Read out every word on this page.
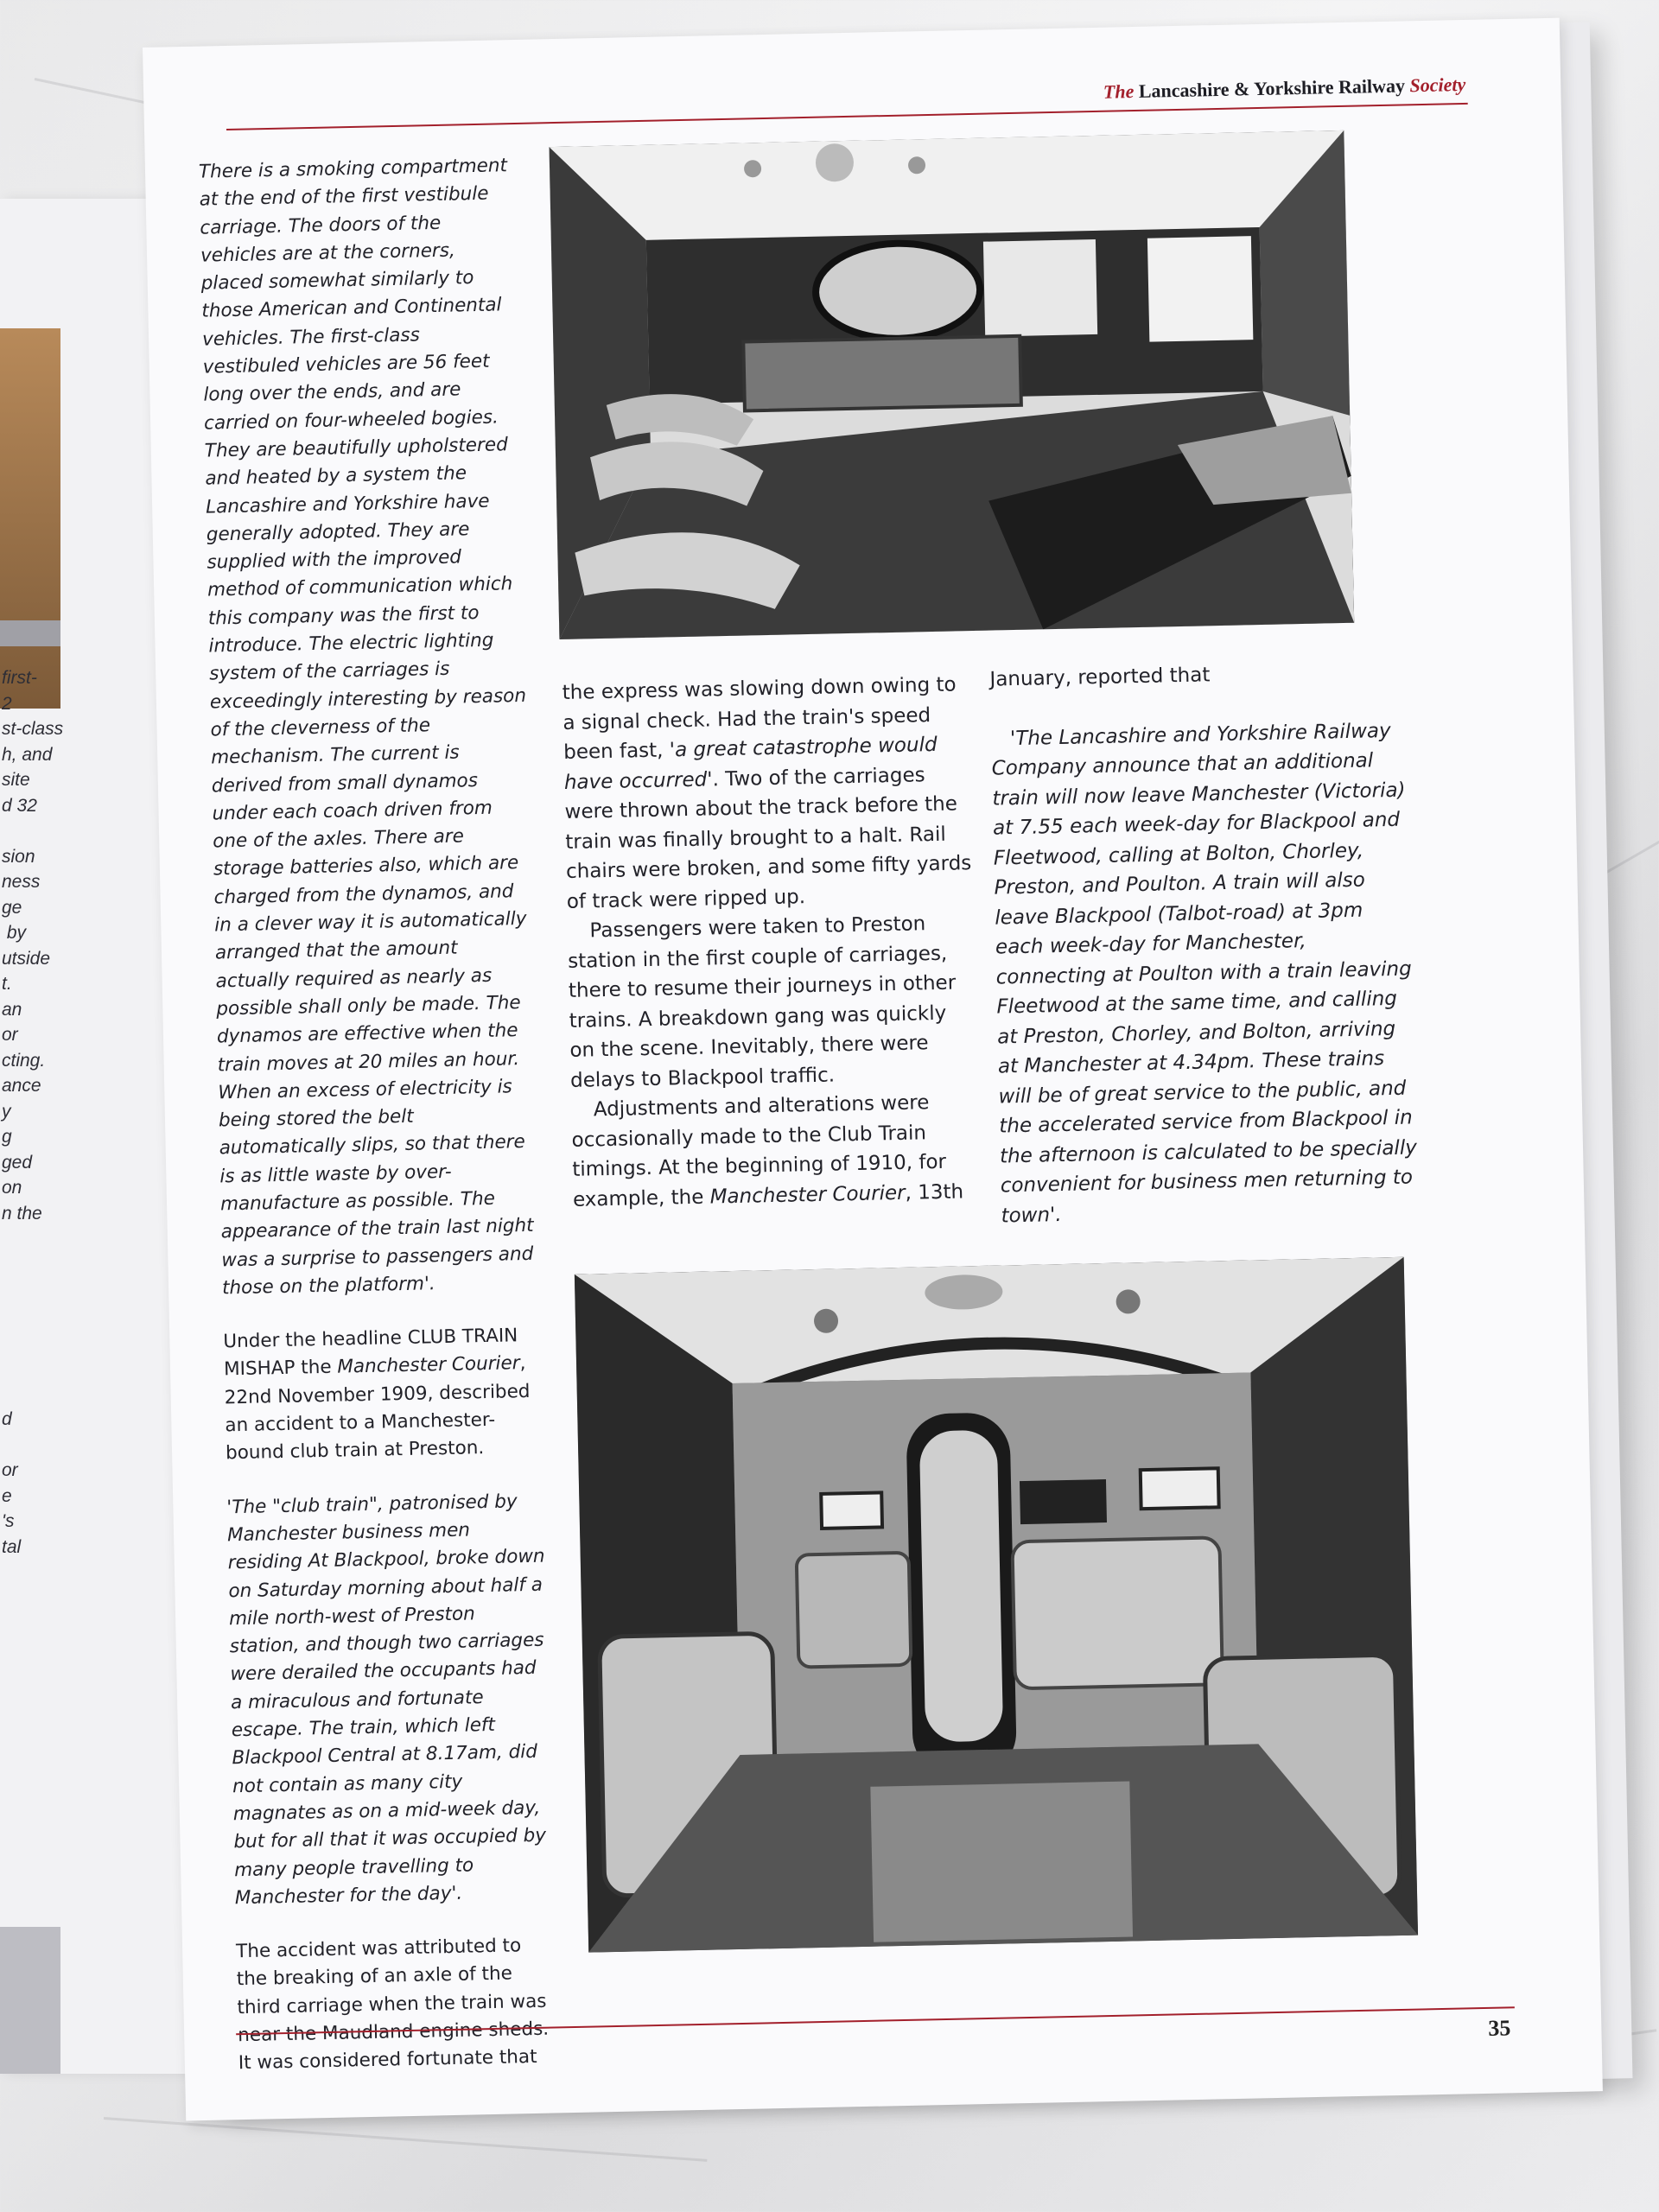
first-
2
st-class
h, and
site
d 32
sion
ness
ge
by
utside
t.
an
or
cting.
ance
y
g
ged
on
n the
d
or
e
's
tal
The Lancashire & Yorkshire Railway Society

There is a smoking compartment at the end of the first vestibule carriage. The doors of the vehicles are at the corners, placed somewhat similarly to those American and Continental vehicles. The first-class vestibuled vehicles are 56 feet long over the ends, and are carried on four-wheeled bogies. They are beautifully upholstered and heated by a system the Lancashire and Yorkshire have generally adopted. They are supplied with the improved method of communication which this company was the first to introduce. The electric lighting system of the carriages is exceedingly interesting by reason of the cleverness of the mechanism. The current is derived from small dynamos under each coach driven from one of the axles. There are storage batteries also, which are charged from the dynamos, and in a clever way it is automatically arranged that the amount actually required as nearly as possible shall only be made. The dynamos are effective when the train moves at 20 miles an hour. When an excess of electricity is being stored the belt automatically slips, so that there is as little waste by over-manufacture as possible. The appearance of the train last night was a surprise to passengers and those on the platform'.

Under the headline CLUB TRAIN MISHAP the Manchester Courier, 22nd November 1909, described an accident to a Manchester-bound club train at Preston.

'The "club train", patronised by Manchester business men residing At Blackpool, broke down on Saturday morning about half a mile north-west of Preston station, and though two carriages were derailed the occupants had a miraculous and fortunate escape. The train, which left Blackpool Central at 8.17am, did not contain as many city magnates as on a mid-week day, but for all that it was occupied by many people travelling to Manchester for the day'.

The accident was attributed to the breaking of an axle of the third carriage when the train was near the Maudland engine sheds. It was considered fortunate that

the express was slowing down owing to a signal check. Had the train's speed been fast, 'a great catastrophe would have occurred'. Two of the carriages were thrown about the track before the train was finally brought to a halt. Rail chairs were broken, and some fifty yards of track were ripped up.

Passengers were taken to Preston station in the first couple of carriages, there to resume their journeys in other trains. A breakdown gang was quickly on the scene. Inevitably, there were delays to Blackpool traffic.

Adjustments and alterations were occasionally made to the Club Train timings. At the beginning of 1910, for example, the Manchester Courier, 13th

January, reported that

'The Lancashire and Yorkshire Railway Company announce that an additional train will now leave Manchester (Victoria) at 7.55 each week-day for Blackpool and Fleetwood, calling at Bolton, Chorley, Preston, and Poulton. A train will also leave Blackpool (Talbot-road) at 3pm each week-day for Manchester, connecting at Poulton with a train leaving Fleetwood at the same time, and calling at Preston, Chorley, and Bolton, arriving at Manchester at 4.34pm. These trains will be of great service to the public, and the accelerated service from Blackpool in the afternoon is calculated to be specially convenient for business men returning to town'.

35
